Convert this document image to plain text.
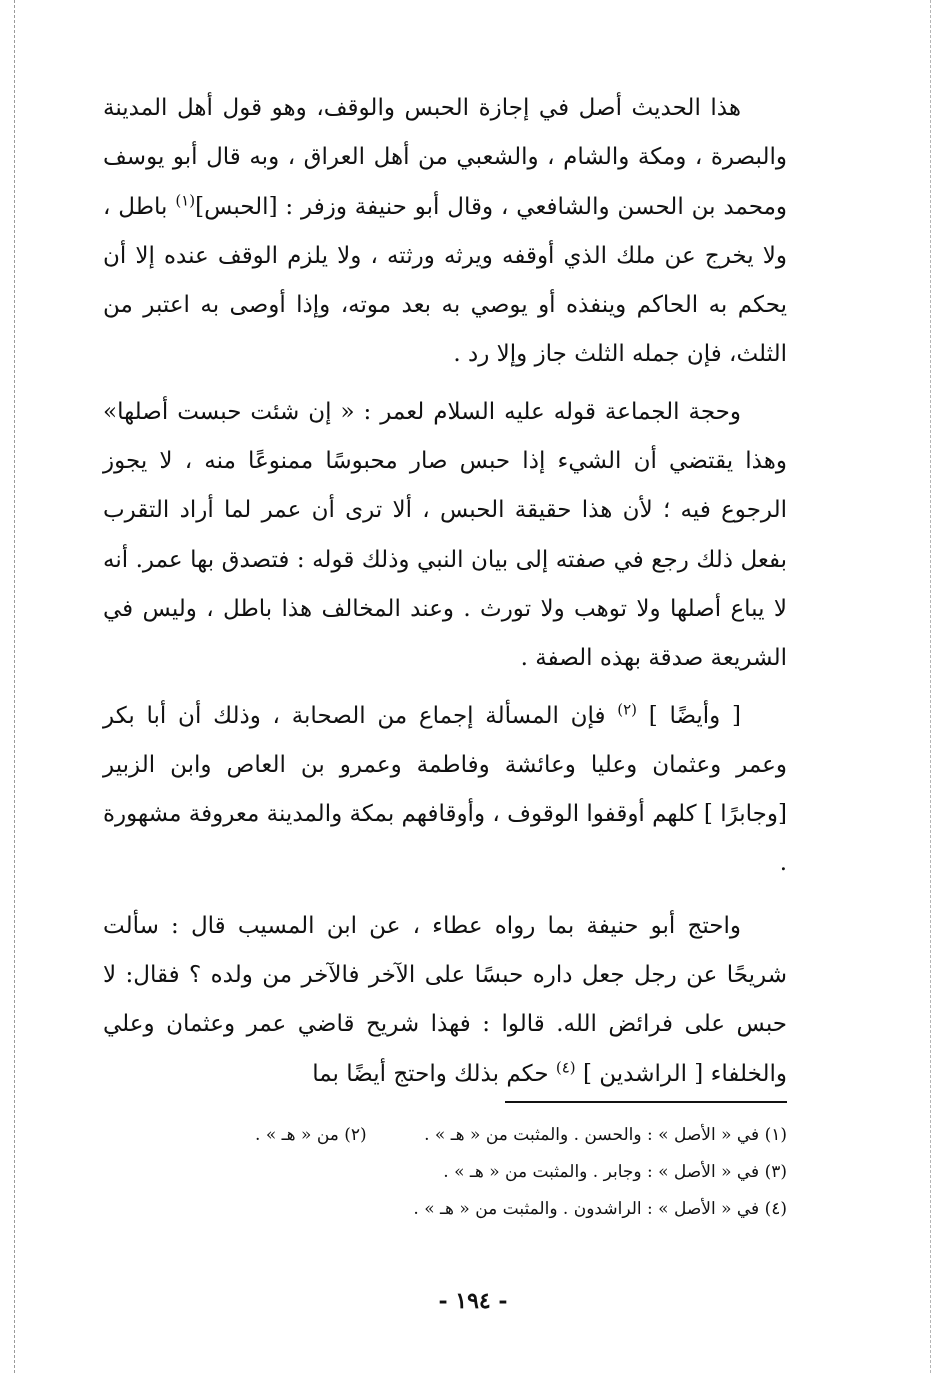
هذا الحديث أصل في إجازة الحبس والوقف، وهو قول أهل المدينة والبصرة ، ومكة والشام ، والشعبي من أهل العراق ، وبه قال أبو يوسف ومحمد بن الحسن والشافعي ، وقال أبو حنيفة وزفر : [الحبس]$^{(١)}$ باطل ، ولا يخرج عن ملك الذي أوقفه ويرثه ورثته ، ولا يلزم الوقف عنده إلا أن يحكم به الحاكم وينفذه أو يوصي به بعد موته، وإذا أوصى به اعتبر من الثلث، فإن جمله الثلث جاز وإلا رد .

وحجة الجماعة قوله عليه السلام لعمر : « إن شئت حبست أصلها» وهذا يقتضي أن الشيء إذا حبس صار محبوسًا ممنوعًا منه ، لا يجوز الرجوع فيه ؛ لأن هذا حقيقة الحبس ، ألا ترى أن عمر لما أراد التقرب بفعل ذلك رجع في صفته إلى بيان النبي وذلك قوله : فتصدق بها عمر. أنه لا يباع أصلها ولا توهب ولا تورث . وعند المخالف هذا باطل ، وليس في الشريعة صدقة بهذه الصفة .

[ وأيضًا ] $^{(٢)}$ فإن المسألة إجماع من الصحابة ، وذلك أن أبا بكر وعمر وعثمان وعليا وعائشة وفاطمة وعمرو بن العاص وابن الزبير [وجابرًا ] كلهم أوقفوا الوقوف ، وأوقافهم بمكة والمدينة معروفة مشهورة .

واحتج أبو حنيفة بما رواه عطاء ، عن ابن المسيب قال : سألت شريحًا عن رجل جعل داره حبسًا على الآخر فالآخر من ولده ؟ فقال: لا حبس على فرائض الله. قالوا : فهذا شريح قاضي عمر وعثمان وعلي والخلفاء [ الراشدين ] $^{(٤)}$ حكم بذلك واحتج أيضًا بما

(١) في « الأصل » : والحسن . والمثبت من « هـ » . (٢) من « هـ » .
(٣) في « الأصل » : وجابر . والمثبت من « هـ » .
(٤) في « الأصل » : الراشدون . والمثبت من « هـ » .
- ١٩٤ -
